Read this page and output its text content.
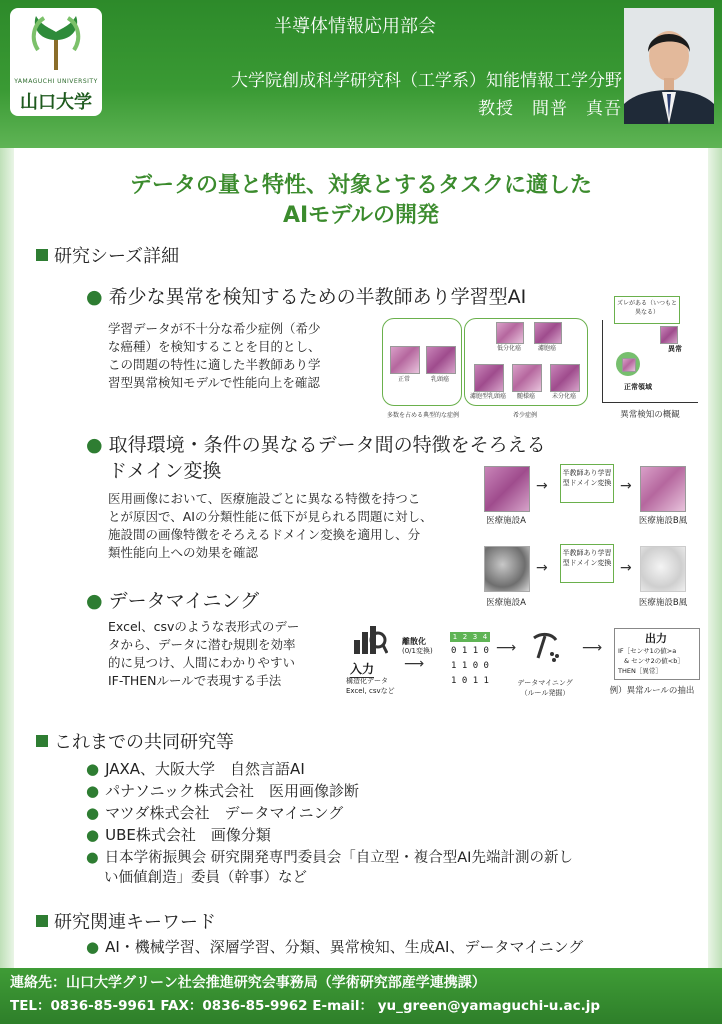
YAMAGUCHI UNIVERSITY
山口大学
半導体情報応用部会
大学院創成科学研究科（工学系）知能情報工学分野
教授　間普　真吾
データの量と特性、対象とするタスクに適した
AIモデルの開発
研究シーズ詳細
● 希少な異常を検知するための半教師あり学習型AI
学習データが不十分な希少症例（希少
な癌種）を検知することを目的とし、
この問題の特性に適した半教師あり学
習型異常検知モデルで性能向上を確認	正常	乳頭癌
多数を占める典型的な症例
低分化癌	濾胞癌
濾胞型乳頭癌	髄様癌	未分化癌
希少症例
ズレがある（いつもと異なる）
異常
正常領域
異常検知の概観
● 取得環境・条件の異なるデータ間の特徴をそろえる
ドメイン変換
医用画像において、医療施設ごとに異なる特徴を持つこ
とが原因で、AIの分類性能に低下が見られる問題に対し、
施設間の画像特徴をそろえるドメイン変換を適用し、分
類性能向上への効果を確認
→
半教師あり学習型ドメイン変換 →
医療施設A	医療施設B風
→
半教師あり学習型ドメイン変換 →
医療施設A	医療施設B風
● データマイニング
Excel、csvのような表形式のデー
タから、データに潜む規則を効率
的に見つけ、人間にわかりやすい
IF-THENルールで表現する手法
入力
構造化データ
Excel, csvなど
離散化
(0/1変換)
⟶
1 2 3 4
0 1 1 0
1 1 0 0
1 0 1 1
⟶
データマイニング
（ルール発掘）
⟶
出力
IF［センサ1の値>a
& センサ2の値<b］
THEN［異常］
例）異常ルールの抽出
これまでの共同研究等
● JAXA、大阪大学　自然言語AI
● パナソニック株式会社　医用画像診断
● マツダ株式会社　データマイニング
● UBE株式会社　画像分類
● 日本学術振興会 研究開発専門委員会「自立型・複合型AI先端計測の新し
い価値創造」委員（幹事）など
研究関連キーワード
● AI・機械学習、深層学習、分類、異常検知、生成AI、データマイニング
連絡先：山口大学グリーン社会推進研究会事務局（学術研究部産学連携課）
TEL：0836-85-9961 FAX：0836-85-9962 E-mail： yu_green@yamaguchi-u.ac.jp
